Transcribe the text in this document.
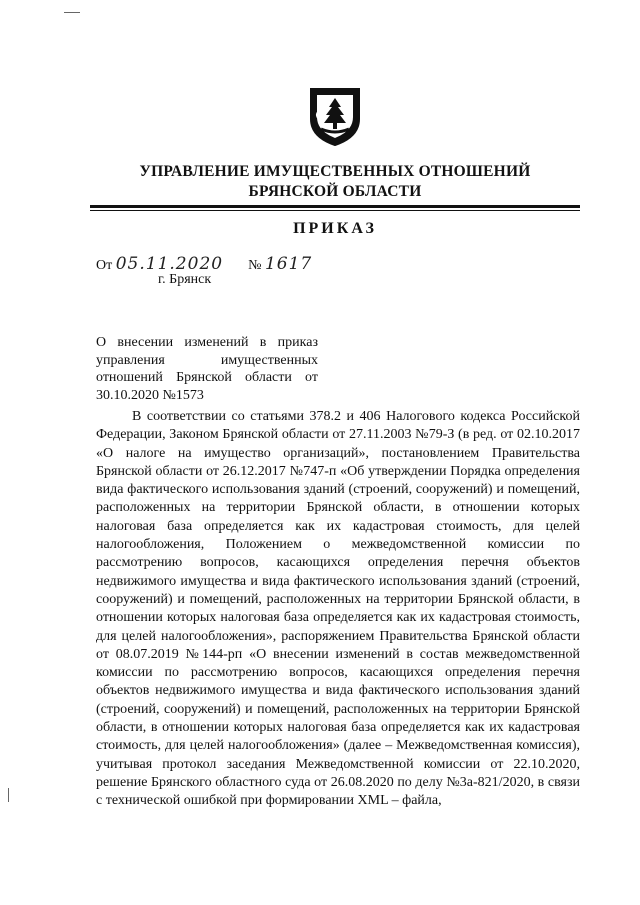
УПРАВЛЕНИЕ ИМУЩЕСТВЕННЫХ ОТНОШЕНИЙ
БРЯНСКОЙ ОБЛАСТИ
ПРИКАЗ
От 05.11.2020 № 1617
г. Брянск
О внесении изменений в приказ управления имущественных отношений Брянской области от 30.10.2020 №1573
В соответствии со статьями 378.2 и 406 Налогового кодекса Российской Федерации, Законом Брянской области от 27.11.2003 №79-З (в ред. от 02.10.2017 «О налоге на имущество организаций», постановлением Правительства Брянской области от 26.12.2017 №747-п «Об утверждении Порядка определения вида фактического использования зданий (строений, сооружений) и помещений, расположенных на территории Брянской области, в отношении которых налоговая база определяется как их кадастровая стоимость, для целей налогообложения, Положением о межведомственной комиссии по рассмотрению вопросов, касающихся определения перечня объектов недвижимого имущества и вида фактического использования зданий (строений, сооружений) и помещений, расположенных на территории Брянской области, в отношении которых налоговая база определяется как их кадастровая стоимость, для целей налогообложения», распоряжением Правительства Брянской области от 08.07.2019 №144-рп «О внесении изменений в состав межведомственной комиссии по рассмотрению вопросов, касающихся определения перечня объектов недвижимого имущества и вида фактического использования зданий (строений, сооружений) и помещений, расположенных на территории Брянской области, в отношении которых налоговая база определяется как их кадастровая стоимость, для целей налогообложения» (далее – Межведомственная комиссия), учитывая протокол заседания Межведомственной комиссии от 22.10.2020, решение Брянского областного суда от 26.08.2020 по делу №3а-821/2020, в связи с технической ошибкой при формировании XML – файла,
